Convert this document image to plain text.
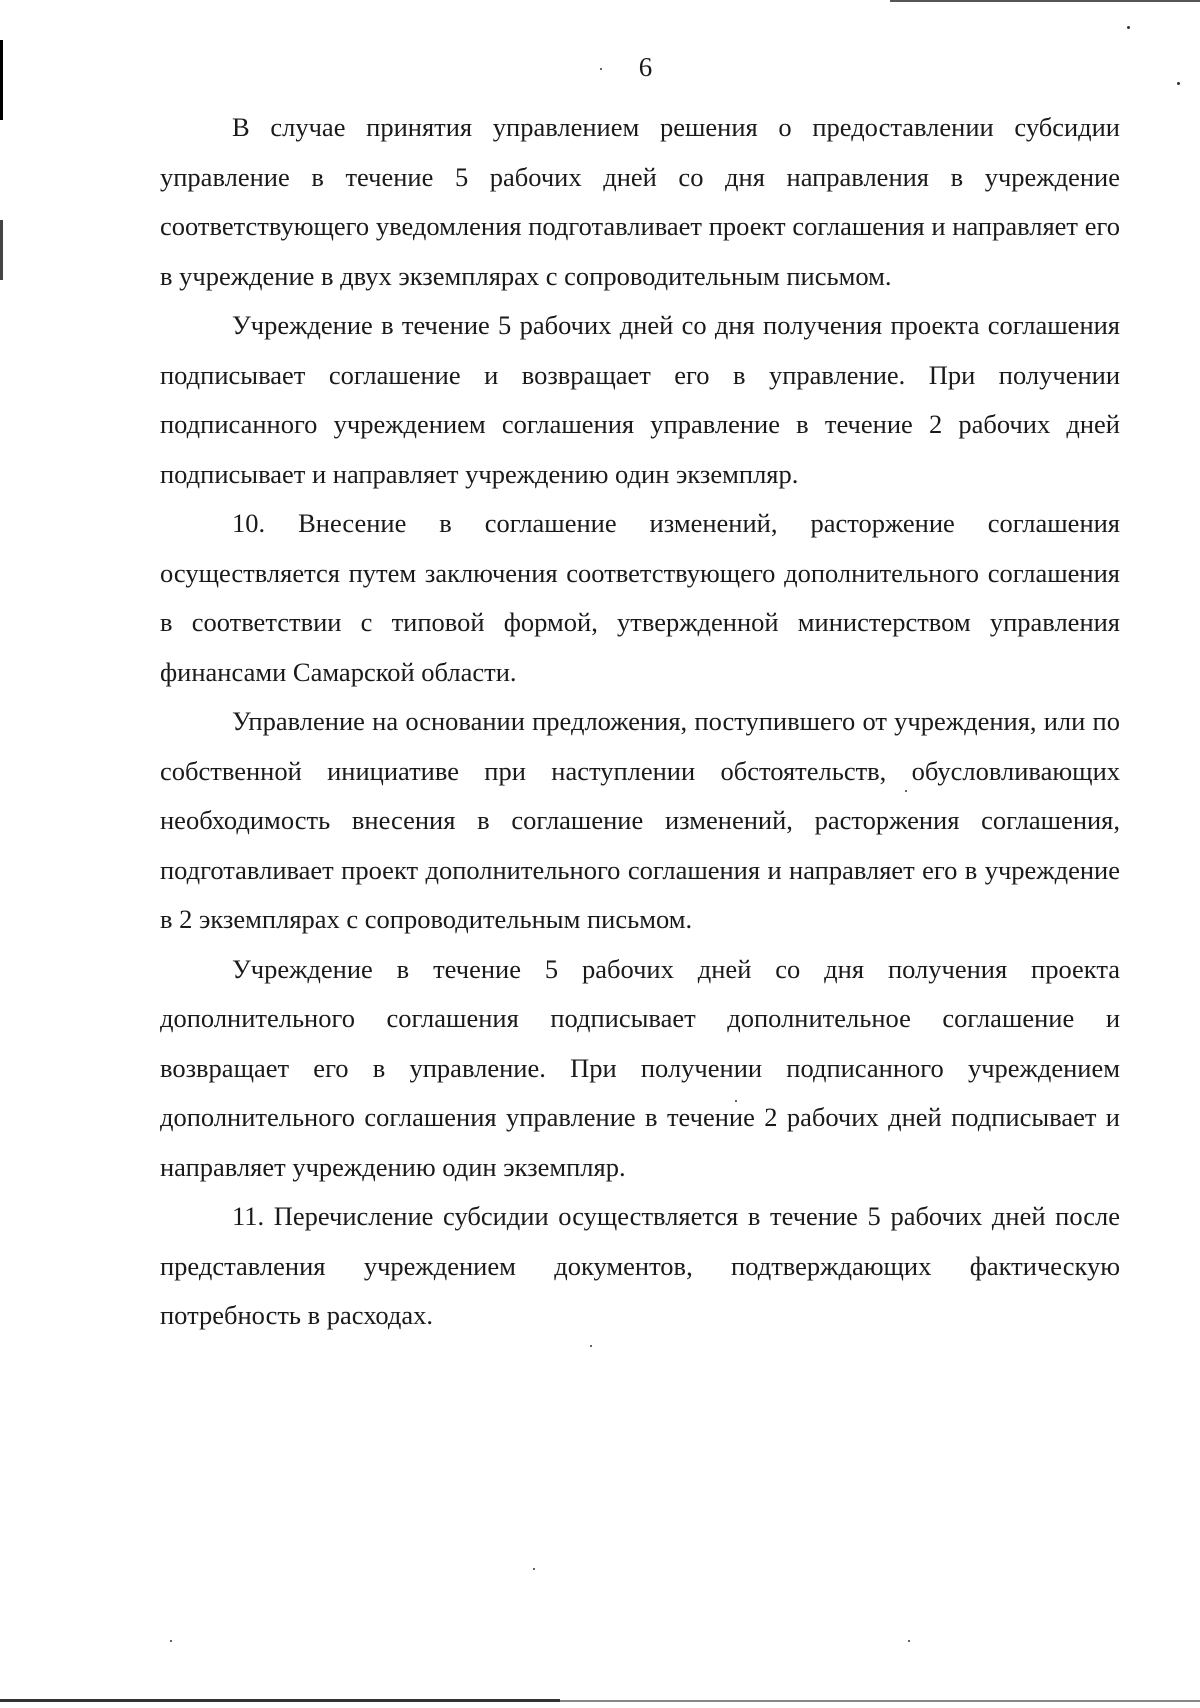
6

В случае принятия управлением решения о предоставлении субсидии управление в течение 5 рабочих дней со дня направления в учреждение соответствующего уведомления подготавливает проект соглашения и направляет его в учреждение в двух экземплярах с сопроводительным письмом.

Учреждение в течение 5 рабочих дней со дня получения проекта соглашения подписывает соглашение и возвращает его в управление. При получении подписанного учреждением соглашения управление в течение 2 рабочих дней подписывает и направляет учреждению один экземпляр.

10. Внесение в соглашение изменений, расторжение соглашения осуществляется путем заключения соответствующего дополнительного соглашения в соответствии с типовой формой, утвержденной министерством управления финансами Самарской области.

Управление на основании предложения, поступившего от учреждения, или по собственной инициативе при наступлении обстоятельств, обусловливающих необходимость внесения в соглашение изменений, расторжения соглашения, подготавливает проект дополнительного соглашения и направляет его в учреждение в 2 экземплярах с сопроводительным письмом.

Учреждение в течение 5 рабочих дней со дня получения проекта дополнительного соглашения подписывает дополнительное соглашение и возвращает его в управление. При получении подписанного учреждением дополнительного соглашения управление в течение 2 рабочих дней подписывает и направляет учреждению один экземпляр.

11. Перечисление субсидии осуществляется в течение 5 рабочих дней после представления учреждением документов, подтверждающих фактическую потребность в расходах.
